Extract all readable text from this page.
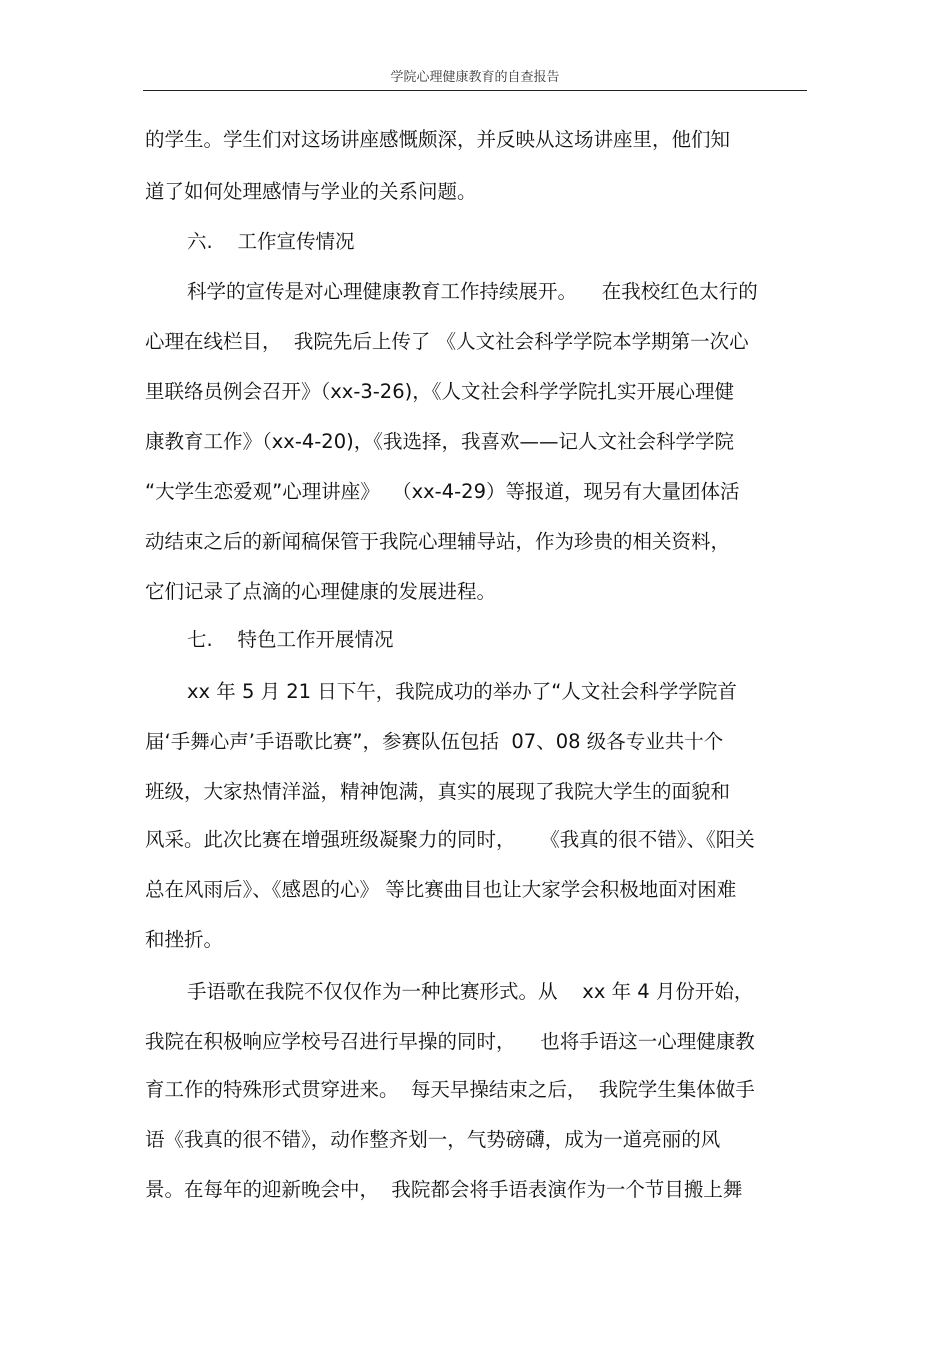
学院心理健康教育的自查报告
的学生。学生们对这场讲座感慨颇深，并反映从这场讲座里，他们知
道了如何处理感情与学业的关系问题。
六.    工作宣传情况
科学的宣传是对心理健康教育工作持续展开。    在我校红色太行的
心理在线栏目，  我院先后上传了 《人文社会科学学院本学期第一次心
里联络员例会召开》（xx-3-26)，《人文社会科学学院扎实开展心理健
康教育工作》（xx-4-20)，《我选择，我喜欢——记人文社会科学学院
“大学生恋爱观”心理讲座》  （xx-4-29）等报道，现另有大量团体活
动结束之后的新闻稿保管于我院心理辅导站，作为珍贵的相关资料，
它们记录了点滴的心理健康的发展进程。
七.    特色工作开展情况
xx 年 5 月 21 日下午，我院成功的举办了“人文社会科学学院首
届‘手舞心声’手语歌比赛”，参赛队伍包括  07、08 级各专业共十个
班级，大家热情洋溢，精神饱满，真实的展现了我院大学生的面貌和
风采。此次比赛在增强班级凝聚力的同时，    《我真的很不错》、《阳关
总在风雨后》、《感恩的心》 等比赛曲目也让大家学会积极地面对困难
和挫折。
手语歌在我院不仅仅作为一种比赛形式。从    xx 年 4 月份开始，
我院在积极响应学校号召进行早操的同时，    也将手语这一心理健康教
育工作的特殊形式贯穿进来。  每天早操结束之后，  我院学生集体做手
语《我真的很不错》，动作整齐划一，气势磅礴，成为一道亮丽的风
景。在每年的迎新晚会中，  我院都会将手语表演作为一个节目搬上舞
